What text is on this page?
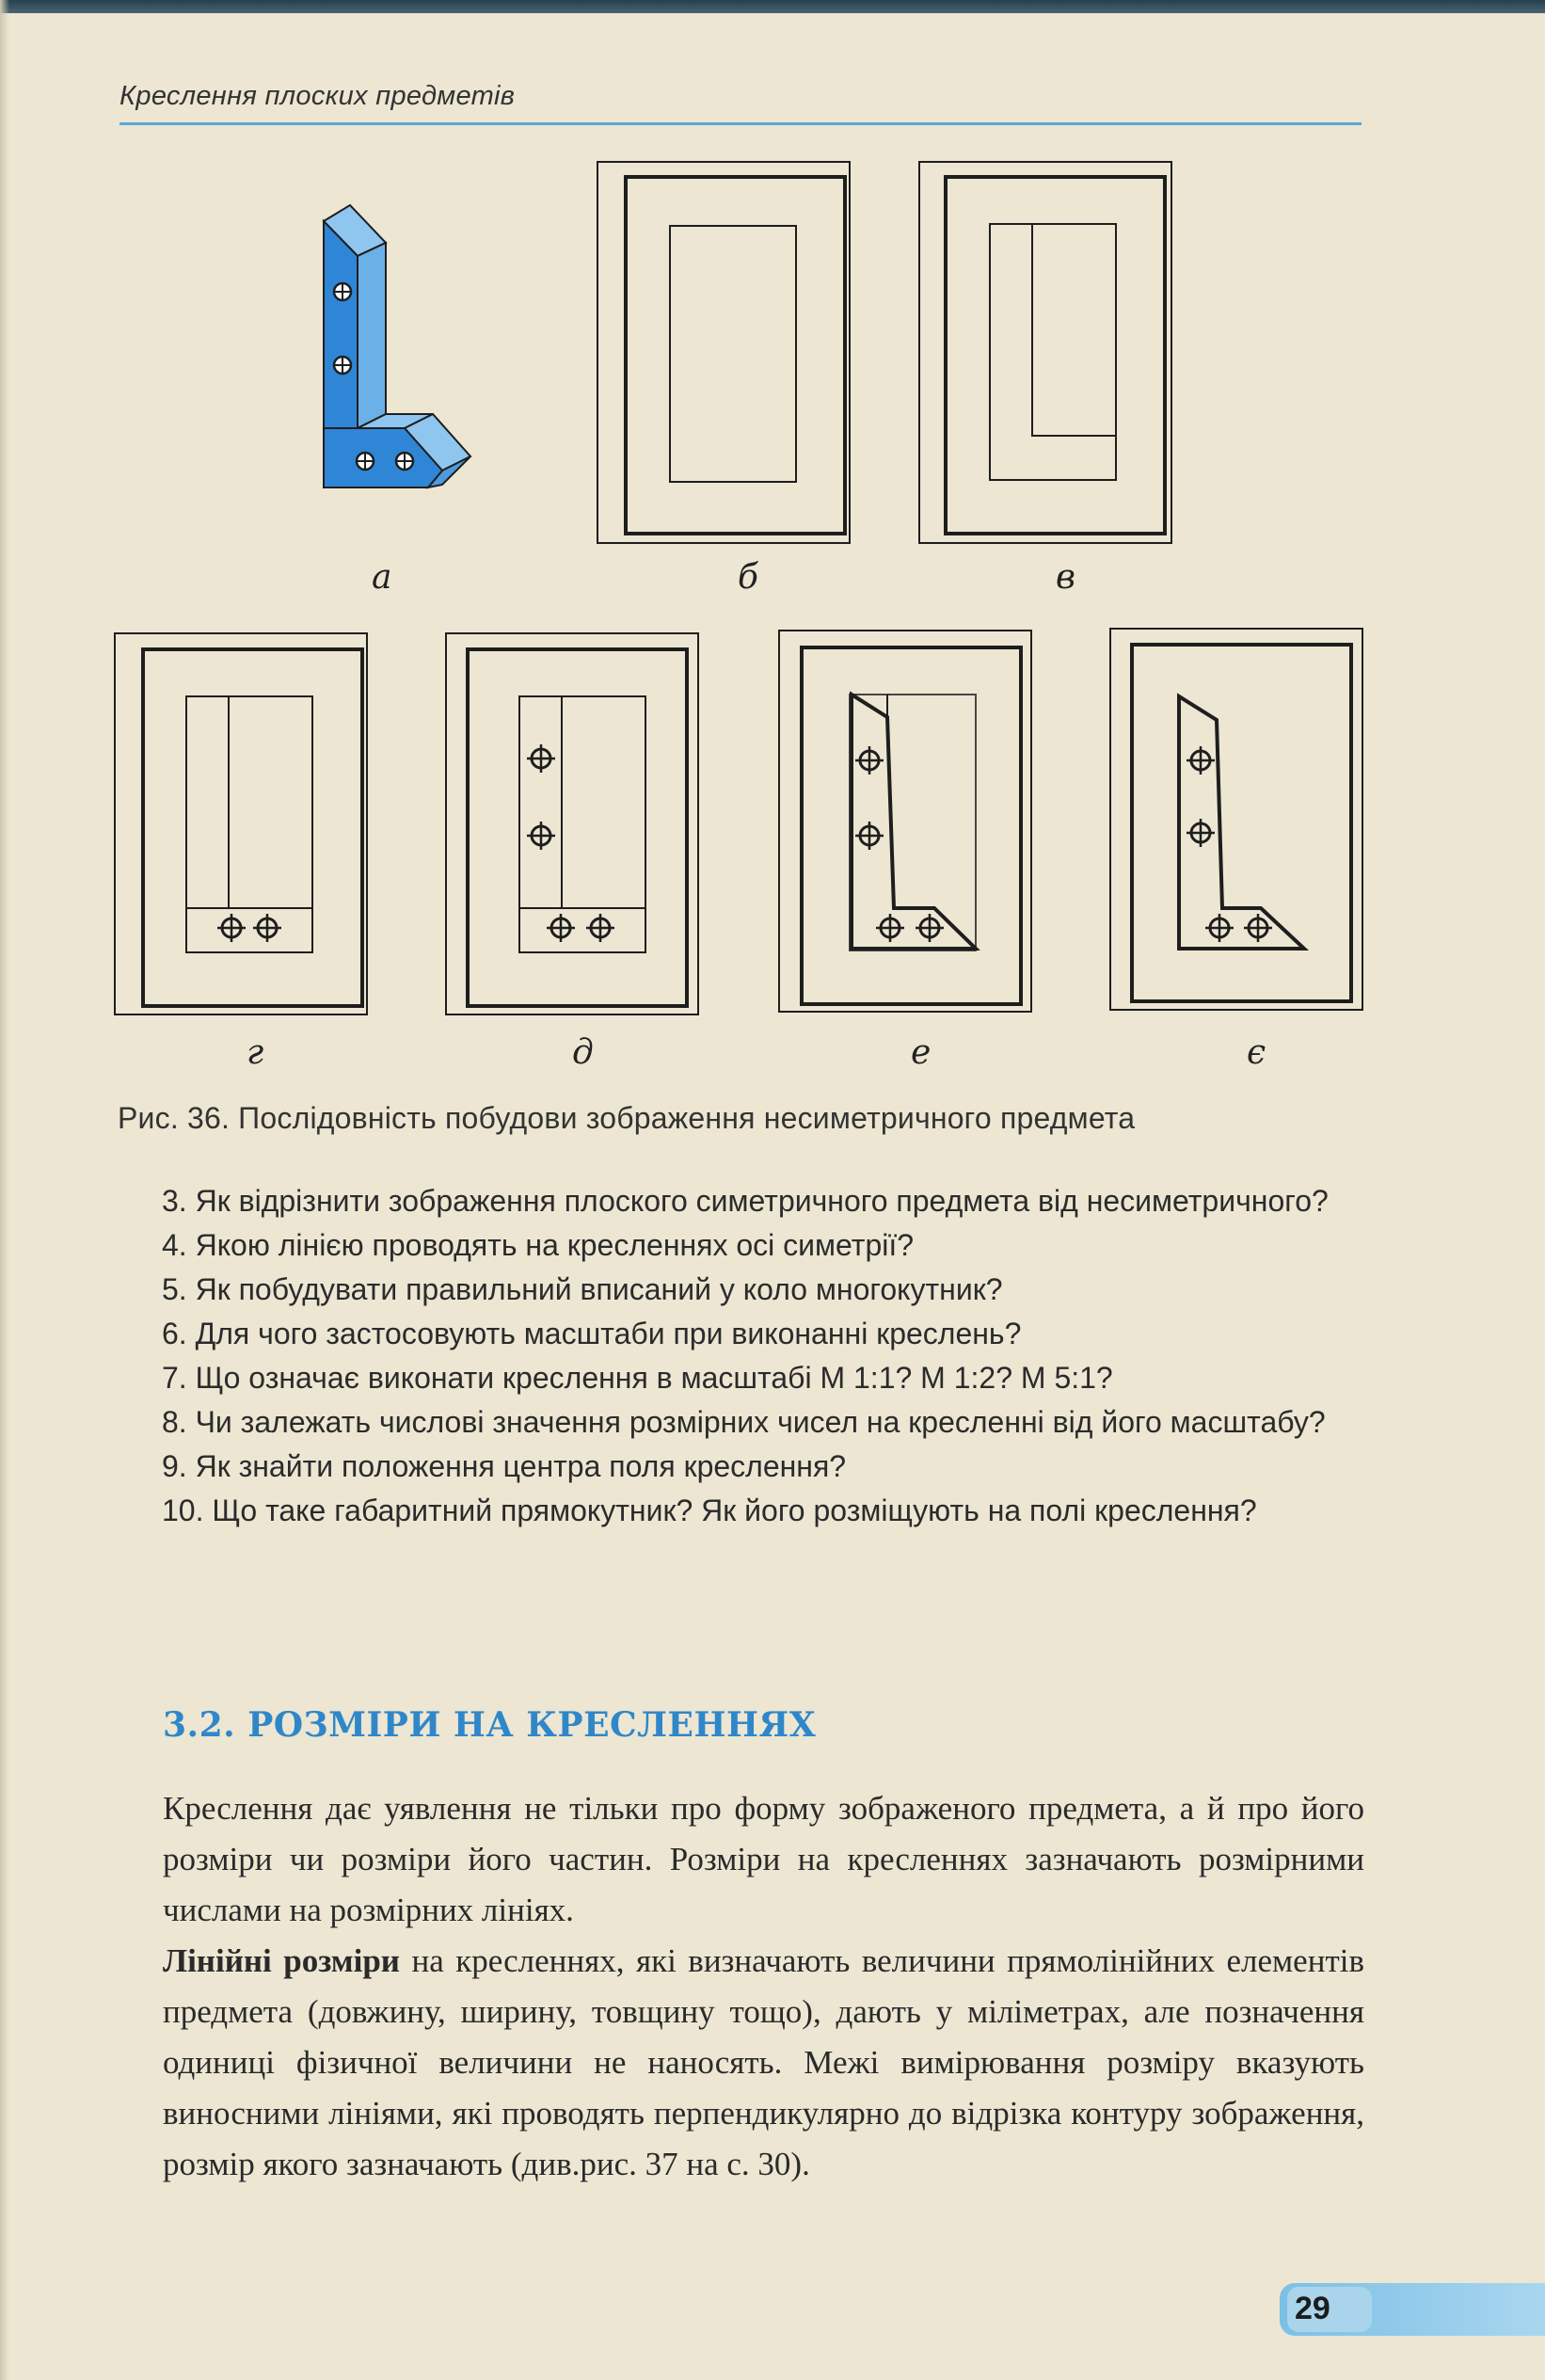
Креслення плоских предметів
а	б	в
г	д	е	є
Рис. 36. Послідовність побудови зображення несиметричного предмета

3. Як відрізнити зображення плоского симетричного предмета від несиметричного?

4. Якою лінією проводять на кресленнях осі симетрії?

5. Як побудувати правильний вписаний у коло многокутник?

6. Для чого застосовують масштаби при виконанні креслень?

7. Що означає виконати креслення в масштабі М 1:1? М 1:2? М 5:1?

8. Чи залежать числові значення розмірних чисел на кресленні від його масштабу?

9. Як знайти положення центра поля креслення?

10. Що таке габаритний прямокутник? Як його розміщують на полі креслення?

3.2. РОЗМІРИ НА КРЕСЛЕННЯХ

Креслення дає уявлення не тільки про форму зображеного предмета, а й про його розміри чи розміри його частин. Розміри на кресленнях зазначають розмірними числами на розмірних лініях.

Лінійні розміри на кресленнях, які визначають величини прямолінійних елементів предмета (довжину, ширину, товщину тощо), дають у міліметрах, але позначення одиниці фізичної величини не наносять. Межі вимірювання розміру вказують виносними лініями, які проводять перпендикулярно до відрізка контуру зображення, розмір якого зазначають (див.рис. 37 на с. 30).

29
